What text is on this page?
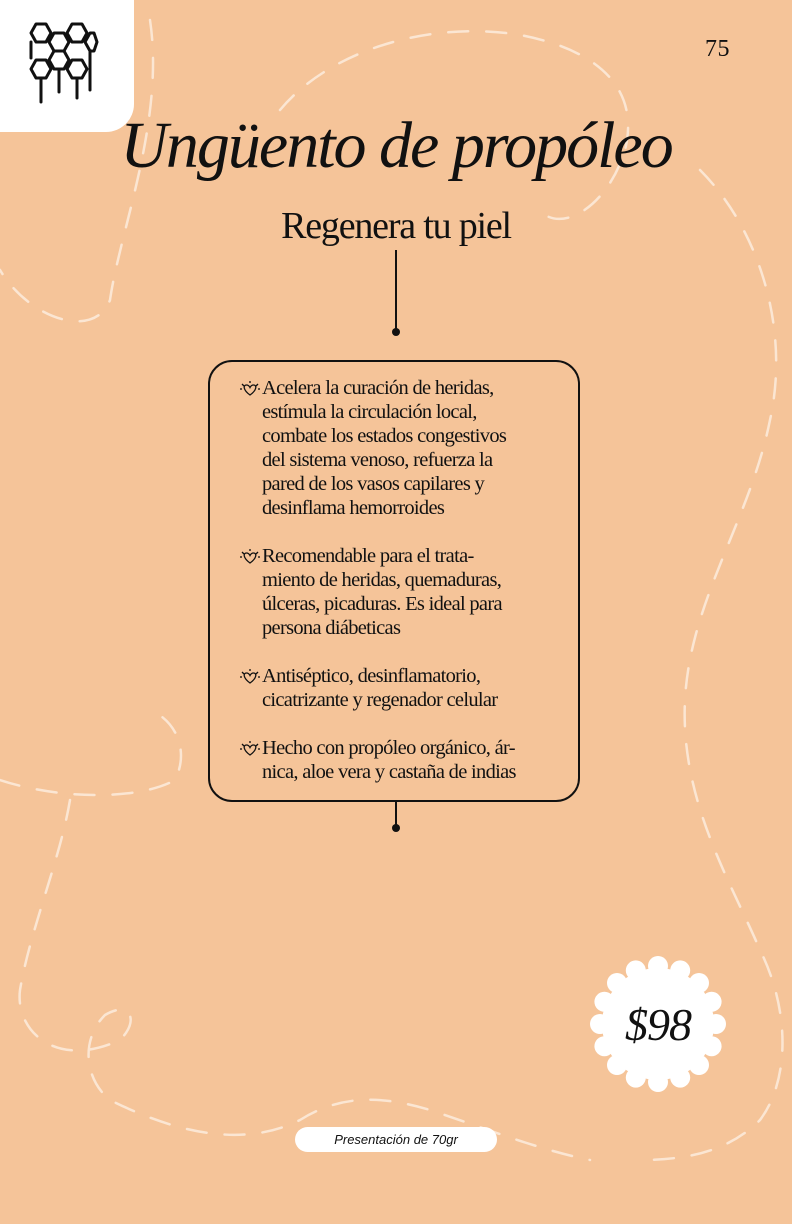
75
Ungüento de propóleo
Regenera tu piel
Acelera la curación de heridas,
estímula la circulación local,
combate los estados congestivos
del sistema venoso, refuerza la
pared de los vasos capilares y
desinflama hemorroides
Recomendable para el trata-
miento de heridas, quemaduras,
úlceras, picaduras. Es ideal para
persona diábeticas
Antiséptico, desinflamatorio,
cicatrizante y regenador celular
Hecho con propóleo orgánico, ár-
nica, aloe vera y castaña de indias
$98
Presentación de 70gr
